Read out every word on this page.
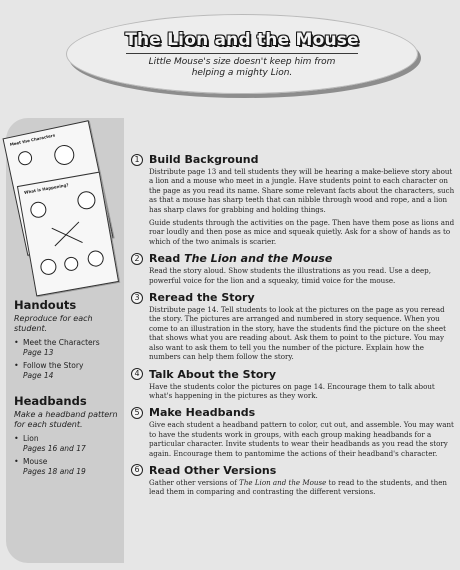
The Lion and the Mouse
Little Mouse's size doesn't keep him from helping a mighty Lion.
Meet the Characters
What is Happening?
Handouts
Reproduce for each student.
• Meet the Characters
Page 13
• Follow the Story
Page 14
Headbands
Make a headband pattern for each student.
• Lion
Pages 16 and 17
• Mouse
Pages 18 and 19
1 Build Background

Distribute page 13 and tell students they will be hearing a make-believe story about a lion and a mouse who meet in a jungle. Have students point to each character on the page as you read its name. Share some relevant facts about the characters, such as that a mouse has sharp teeth that can nibble through wood and rope, and a lion has sharp claws for grabbing and holding things.

Guide students through the activities on the page. Then have them pose as lions and roar loudly and then pose as mice and squeak quietly. Ask for a show of hands as to which of the two animals is scarier.

2 Read The Lion and the Mouse

Read the story aloud. Show students the illustrations as you read. Use a deep, powerful voice for the lion and a squeaky, timid voice for the mouse.

3 Reread the Story

Distribute page 14. Tell students to look at the pictures on the page as you reread the story. The pictures are arranged and numbered in story sequence. When you come to an illustration in the story, have the students find the picture on the sheet that shows what you are reading about. Ask them to point to the picture. You may also want to ask them to tell you the number of the picture. Explain how the numbers can help them follow the story.

4 Talk About the Story

Have the students color the pictures on page 14. Encourage them to talk about what's happening in the pictures as they work.

5 Make Headbands

Give each student a headband pattern to color, cut out, and assemble. You may want to have the students work in groups, with each group making headbands for a particular character. Invite students to wear their headbands as you read the story again. Encourage them to pantomime the actions of their headband's character.

6 Read Other Versions

Gather other versions of The Lion and the Mouse to read to the students, and then lead them in comparing and contrasting the different versions.
